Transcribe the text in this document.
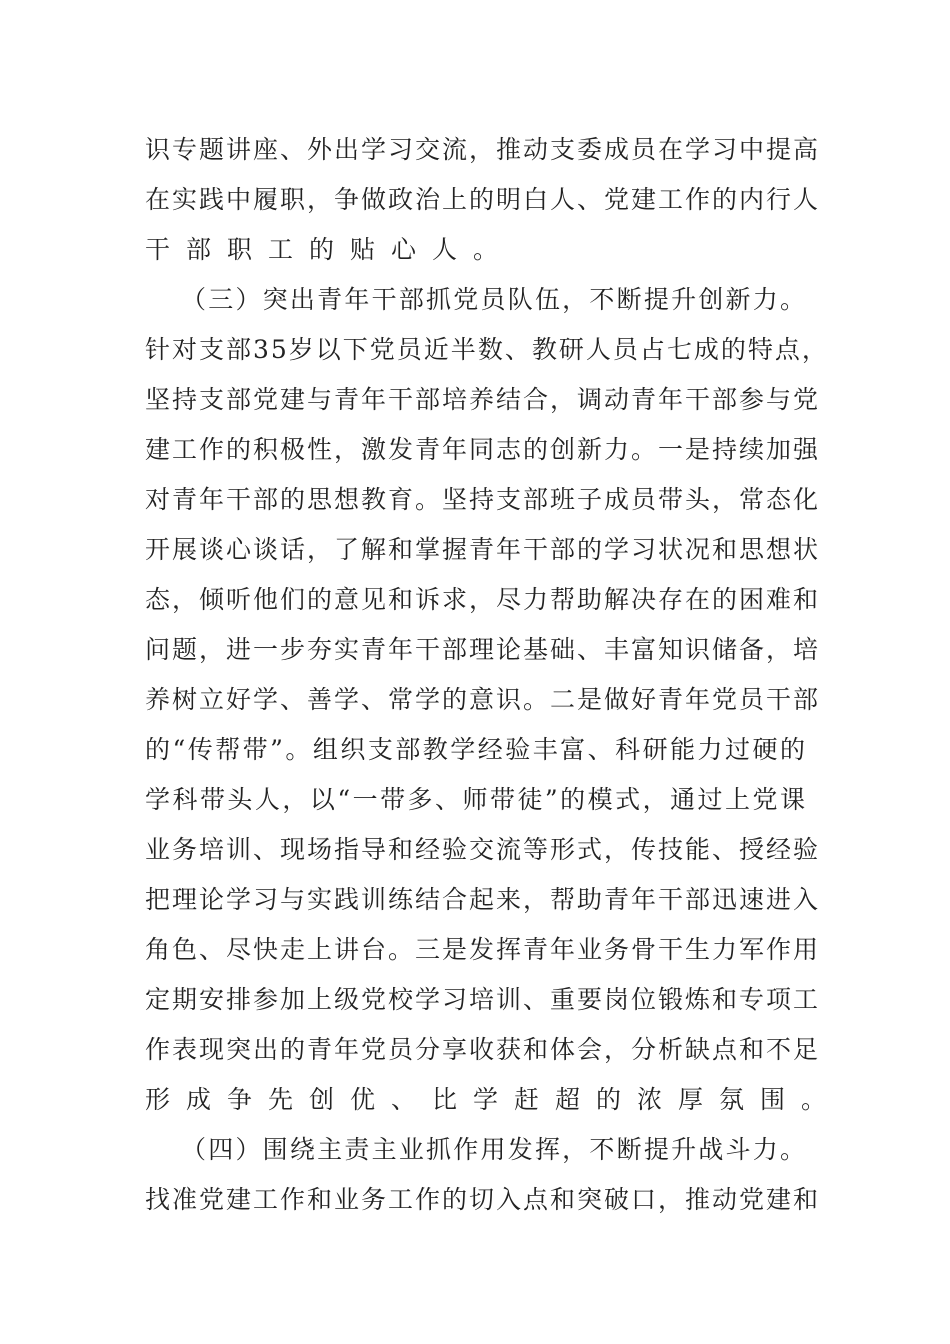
识专题讲座、外出学习交流，推动支委成员在学习中提高
在实践中履职，争做政治上的明白人、党建工作的内行人
干部职工的贴心人。
（三）突出青年干部抓党员队伍，不断提升创新力。
针对支部35岁以下党员近半数、教研人员占七成的特点，
坚持支部党建与青年干部培养结合，调动青年干部参与党
建工作的积极性，激发青年同志的创新力。一是持续加强
对青年干部的思想教育。坚持支部班子成员带头，常态化
开展谈心谈话，了解和掌握青年干部的学习状况和思想状
态，倾听他们的意见和诉求，尽力帮助解决存在的困难和
问题，进一步夯实青年干部理论基础、丰富知识储备，培
养树立好学、善学、常学的意识。二是做好青年党员干部
的“传帮带”。组织支部教学经验丰富、科研能力过硬的
学科带头人，以“一带多、师带徒”的模式，通过上党课
业务培训、现场指导和经验交流等形式，传技能、授经验
把理论学习与实践训练结合起来，帮助青年干部迅速进入
角色、尽快走上讲台。三是发挥青年业务骨干生力军作用
定期安排参加上级党校学习培训、重要岗位锻炼和专项工
作表现突出的青年党员分享收获和体会，分析缺点和不足
形成争先创优、比学赶超的浓厚氛围。
（四）围绕主责主业抓作用发挥，不断提升战斗力。
找准党建工作和业务工作的切入点和突破口，推动党建和
